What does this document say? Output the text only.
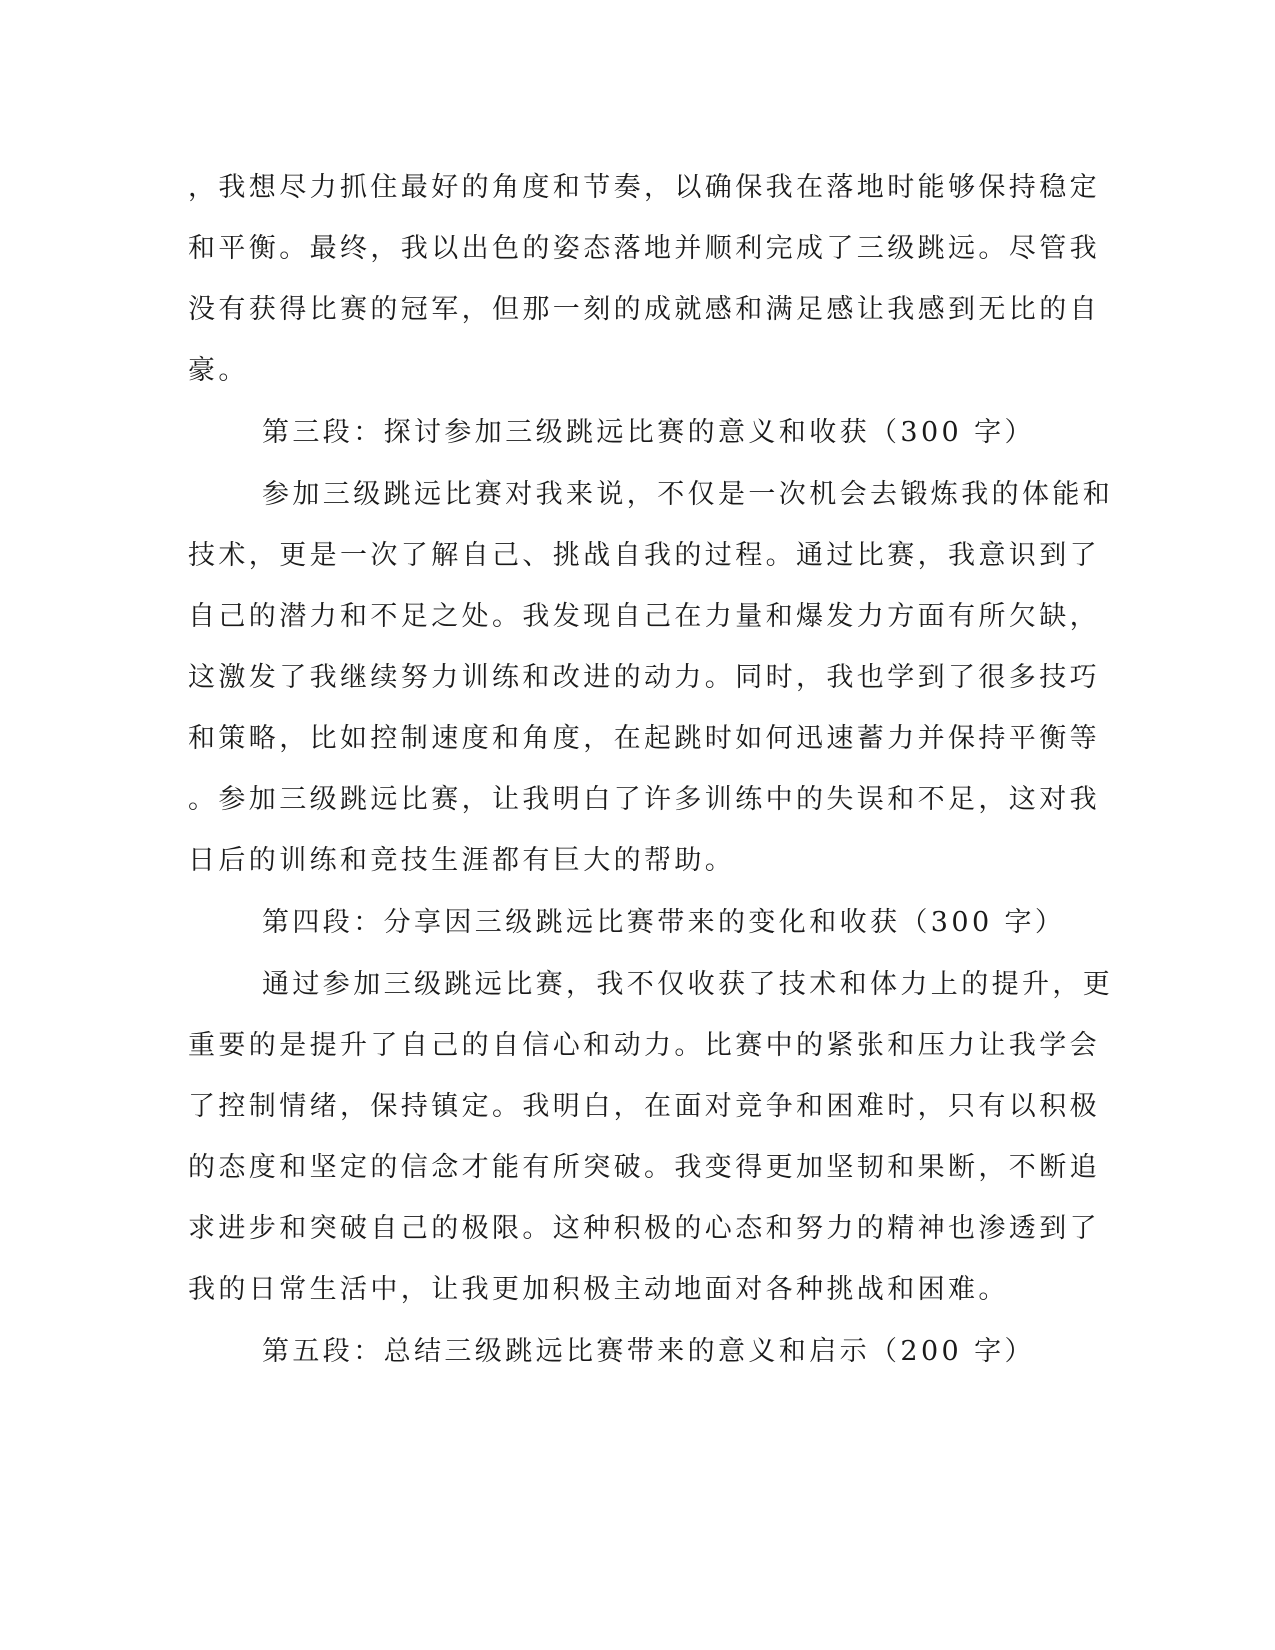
，我想尽力抓住最好的角度和节奏，以确保我在落地时能够保持稳定
和平衡。最终，我以出色的姿态落地并顺利完成了三级跳远。尽管我
没有获得比赛的冠军，但那一刻的成就感和满足感让我感到无比的自
豪。
第三段：探讨参加三级跳远比赛的意义和收获（300 字）
参加三级跳远比赛对我来说，不仅是一次机会去锻炼我的体能和
技术，更是一次了解自己、挑战自我的过程。通过比赛，我意识到了
自己的潜力和不足之处。我发现自己在力量和爆发力方面有所欠缺，
这激发了我继续努力训练和改进的动力。同时，我也学到了很多技巧
和策略，比如控制速度和角度，在起跳时如何迅速蓄力并保持平衡等
。参加三级跳远比赛，让我明白了许多训练中的失误和不足，这对我
日后的训练和竞技生涯都有巨大的帮助。
第四段：分享因三级跳远比赛带来的变化和收获（300 字）
通过参加三级跳远比赛，我不仅收获了技术和体力上的提升，更
重要的是提升了自己的自信心和动力。比赛中的紧张和压力让我学会
了控制情绪，保持镇定。我明白，在面对竞争和困难时，只有以积极
的态度和坚定的信念才能有所突破。我变得更加坚韧和果断，不断追
求进步和突破自己的极限。这种积极的心态和努力的精神也渗透到了
我的日常生活中，让我更加积极主动地面对各种挑战和困难。
第五段：总结三级跳远比赛带来的意义和启示（200 字）
